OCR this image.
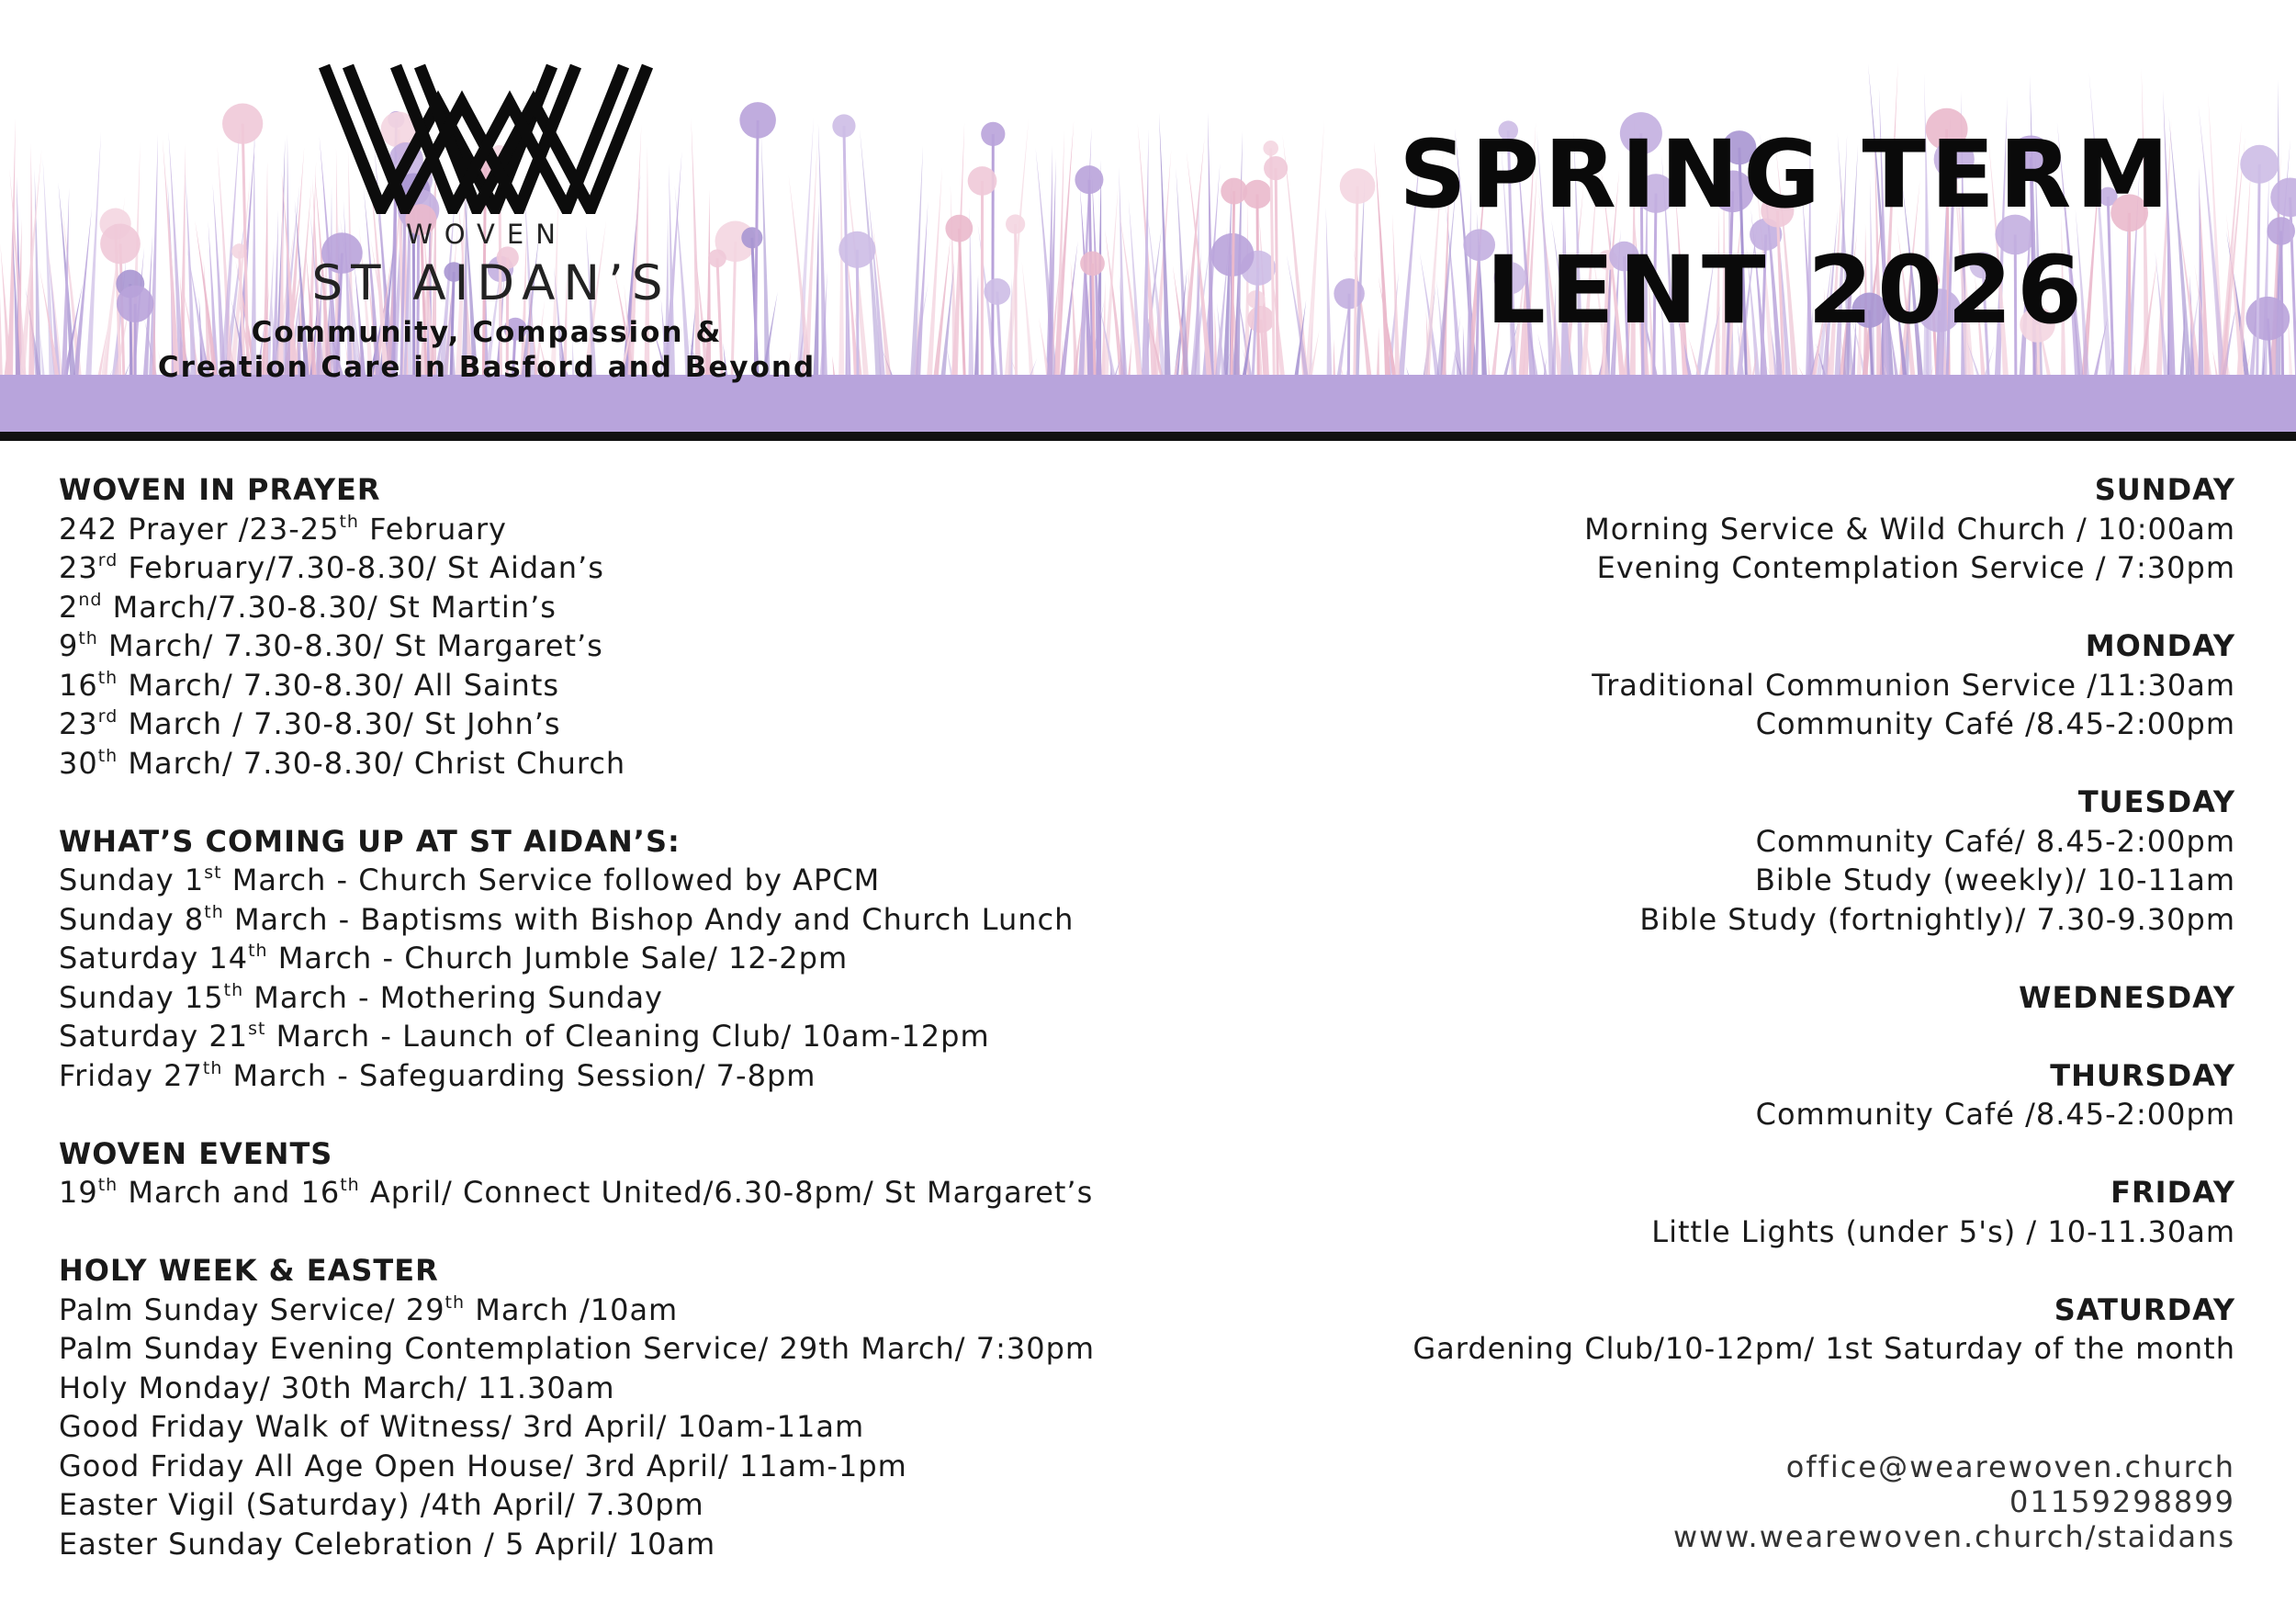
WOVEN
ST AIDAN’S
Community, Compassion &
Creation Care in Basford and Beyond
SPRING TERM
LENT 2026
WOVEN IN PRAYER
242 Prayer /23-25th February
23rd February/7.30-8.30/ St Aidan’s
2nd March/7.30-8.30/ St Martin’s
9th March/ 7.30-8.30/ St Margaret’s
16th March/ 7.30-8.30/ All Saints
23rd March / 7.30-8.30/ St John’s
30th March/ 7.30-8.30/ Christ Church
WHAT’S COMING UP AT ST AIDAN’S:
Sunday 1st March - Church Service followed by APCM
Sunday 8th March - Baptisms with Bishop Andy and Church Lunch
Saturday 14th March - Church Jumble Sale/ 12-2pm
Sunday 15th March - Mothering Sunday
Saturday 21st March - Launch of Cleaning Club/ 10am-12pm
Friday 27th March - Safeguarding Session/ 7-8pm
WOVEN EVENTS
19th March and 16th April/ Connect United/6.30-8pm/ St Margaret’s
HOLY WEEK & EASTER
Palm Sunday Service/ 29th March /10am
Palm Sunday Evening Contemplation Service/ 29th March/ 7:30pm
Holy Monday/ 30th March/ 11.30am
Good Friday Walk of Witness/ 3rd April/ 10am-11am
Good Friday All Age Open House/ 3rd April/ 11am-1pm
Easter Vigil (Saturday) /4th April/ 7.30pm
Easter Sunday Celebration / 5 April/ 10am
SUNDAY
Morning Service & Wild Church / 10:00am
Evening Contemplation Service / 7:30pm
MONDAY
Traditional Communion Service /11:30am
Community Café /8.45-2:00pm
TUESDAY
Community Café/ 8.45-2:00pm
Bible Study (weekly)/ 10-11am
Bible Study (fortnightly)/ 7.30-9.30pm
WEDNESDAY
THURSDAY
Community Café /8.45-2:00pm
FRIDAY
Little Lights (under 5's) / 10-11.30am
SATURDAY
Gardening Club/10-12pm/ 1st Saturday of the month
office@wearewoven.church
01159298899
www.wearewoven.church/staidans
